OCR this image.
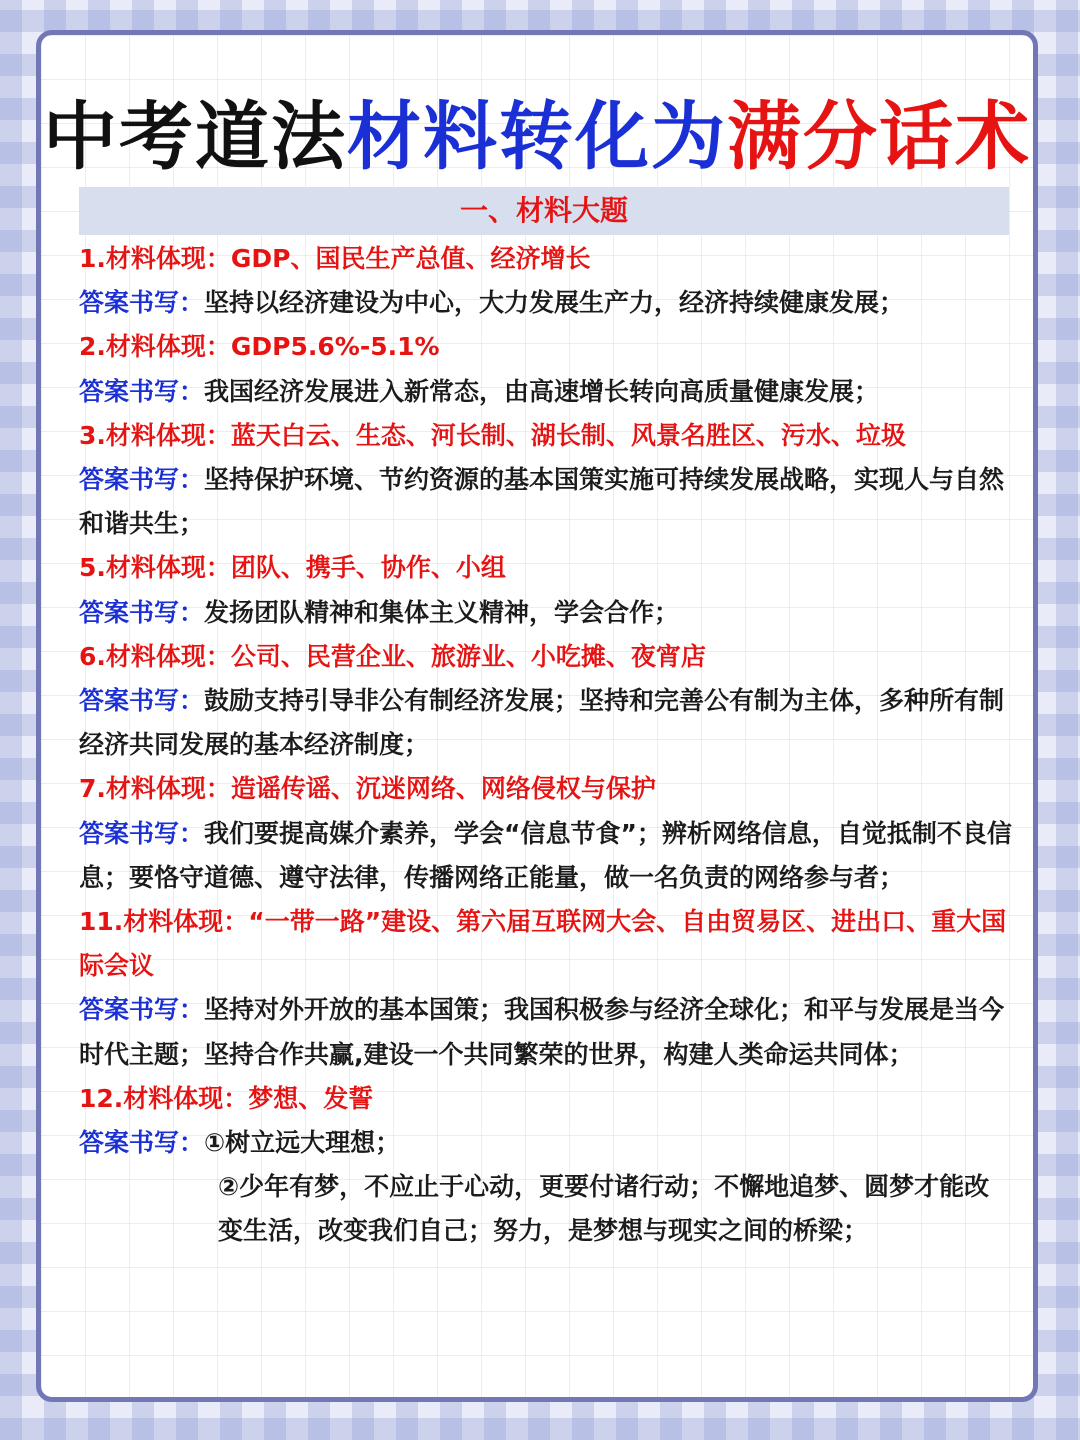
中考道法材料转化为满分话术
一、材料大题

1.材料体现：GDP、国民生产总值、经济增长

答案书写：坚持以经济建设为中心，大力发展生产力，经济持续健康发展；

2.材料体现：GDP5.6%-5.1%

答案书写：我国经济发展进入新常态，由高速增长转向高质量健康发展；

3.材料体现：蓝天白云、生态、河长制、湖长制、风景名胜区、污水、垃圾

答案书写：坚持保护环境、节约资源的基本国策实施可持续发展战略，实现人与自然和谐共生；

5.材料体现：团队、携手、协作、小组

答案书写：发扬团队精神和集体主义精神，学会合作；

6.材料体现：公司、民营企业、旅游业、小吃摊、夜宵店

答案书写：鼓励支持引导非公有制经济发展；坚持和完善公有制为主体，多种所有制经济共同发展的基本经济制度；

7.材料体现：造谣传谣、沉迷网络、网络侵权与保护

答案书写：我们要提高媒介素养，学会“信息节食”；辨析网络信息，自觉抵制不良信息；要恪守道德、遵守法律，传播网络正能量，做一名负责的网络参与者；

11.材料体现：“一带一路”建设、第六届互联网大会、自由贸易区、进出口、重大国际会议

答案书写：坚持对外开放的基本国策；我国积极参与经济全球化；和平与发展是当今时代主题；坚持合作共赢,建设一个共同繁荣的世界，构建人类命运共同体；

12.材料体现：梦想、发誓

答案书写：①树立远大理想；

②少年有梦，不应止于心动，更要付诸行动；不懈地追梦、圆梦才能改变生活，改变我们自己；努力，是梦想与现实之间的桥梁；
